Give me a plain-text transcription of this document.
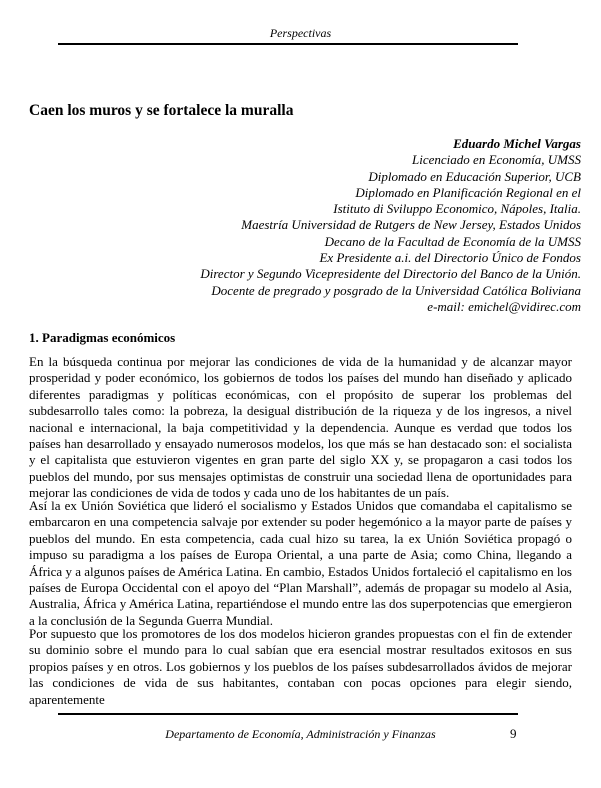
Perspectivas
Caen los muros y se fortalece la muralla
Eduardo Michel Vargas
Licenciado en Economía, UMSS
Diplomado en Educación Superior, UCB
Diplomado en Planificación Regional en el
Istituto di Sviluppo Economico, Nápoles, Italia.
Maestría Universidad de Rutgers de New Jersey, Estados Unidos
Decano de la Facultad de Economía de la UMSS
Ex Presidente a.i. del Directorio Único de Fondos
Director y Segundo Vicepresidente del Directorio del Banco de la Unión.
Docente de pregrado y posgrado de la Universidad Católica Boliviana
e-mail: emichel@vidirec.com
1. Paradigmas económicos

En la búsqueda continua por mejorar las condiciones de vida de la humanidad y de alcanzar mayor prosperidad y poder económico, los gobiernos de todos los países del mundo han diseñado y aplicado diferentes paradigmas y políticas económicas, con el propósito de superar los problemas del subdesarrollo tales como: la pobreza, la desigual distribución de la riqueza y de los ingresos, a nivel nacional e internacional, la baja competitividad y la dependencia. Aunque es verdad que todos los países han desarrollado y ensayado numerosos modelos, los que más se han destacado son: el socialista y el capitalista que estuvieron vigentes en gran parte del siglo XX y, se propagaron a casi todos los pueblos del mundo, por sus mensajes optimistas de construir una sociedad llena de oportunidades para mejorar las condiciones de vida de todos y cada uno de los habitantes de un país.

Así la ex Unión Soviética que lideró el socialismo y Estados Unidos que comandaba el capitalismo se embarcaron en una competencia salvaje por extender su poder hegemónico a la mayor parte de países y pueblos del mundo. En esta competencia, cada cual hizo su tarea, la ex Unión Soviética propagó o impuso su paradigma a los países de Europa Oriental, a una parte de Asia; como China, llegando a África y a algunos países de América Latina. En cambio, Estados Unidos fortaleció el capitalismo en los países de Europa Occidental con el apoyo del “Plan Marshall”, además de propagar su modelo al Asia, Australia, África y América Latina, repartiéndose el mundo entre las dos superpotencias que emergieron a la conclusión de la Segunda Guerra Mundial.

Por supuesto que los promotores de los dos modelos hicieron grandes propuestas con el fin de extender su dominio sobre el mundo para lo cual sabían que era esencial mostrar resultados exitosos en sus propios países y en otros. Los gobiernos y los pueblos de los países subdesarrollados ávidos de mejorar las condiciones de vida de sus habitantes, contaban con pocas opciones para elegir siendo, aparentemente

Departamento de Economía, Administración y Finanzas	9
